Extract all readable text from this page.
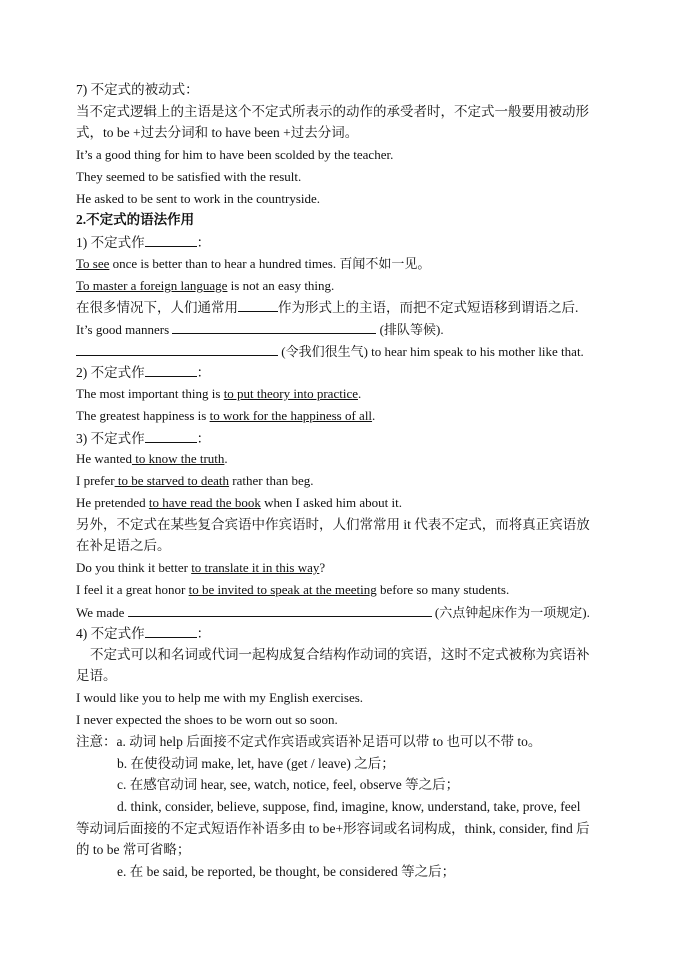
7) 不定式的被动式：
当不定式逻辑上的主语是这个不定式所表示的动作的承受者时，不定式一般要用被动形
式，to be +过去分词和 to have been +过去分词。
It’s a good thing for him to have been scolded by the teacher.
They seemed to be satisfied with the result.
He asked to be sent to work in the countryside.
2.不定式的语法作用
1) 不定式作	：
To see once is better than to hear a hundred times. 百闻不如一见。
To master a foreign language is not an easy thing.
在很多情况下，人们通常用	作为形式上的主语，而把不定式短语移到谓语之后.
It’s good manners	(排队等候).
(令我们很生气) to hear him speak to his mother like that.
2) 不定式作	：
The most important thing is to put theory into practice.
The greatest happiness is to work for the happiness of all.
3) 不定式作	：
He wanted to know the truth.
I prefer to be starved to death rather than beg.
He pretended to have read the book when I asked him about it.
另外，不定式在某些复合宾语中作宾语时，人们常常用 it 代表不定式，而将真正宾语放
在补足语之后。
Do you think it better to translate it in this way?
I feel it a great honor to be invited to speak at the meeting before so many students.
We made	(六点钟起床作为一项规定).
4) 不定式作	：
不定式可以和名词或代词一起构成复合结构作动词的宾语，这时不定式被称为宾语补
足语。
I would like you to help me with my English exercises.
I never expected the shoes to be worn out so soon.
注意：a. 动词 help 后面接不定式作宾语或宾语补足语可以带 to 也可以不带 to。
b. 在使役动词 make, let, have (get / leave) 之后；
c. 在感官动词 hear, see, watch, notice, feel, observe 等之后；
d. think, consider, believe, suppose, find, imagine, know, understand, take, prove, feel
等动词后面接的不定式短语作补语多由 to be+形容词或名词构成，think, consider, find 后
的 to be 常可省略；
e. 在 be said, be reported, be thought, be considered 等之后；
